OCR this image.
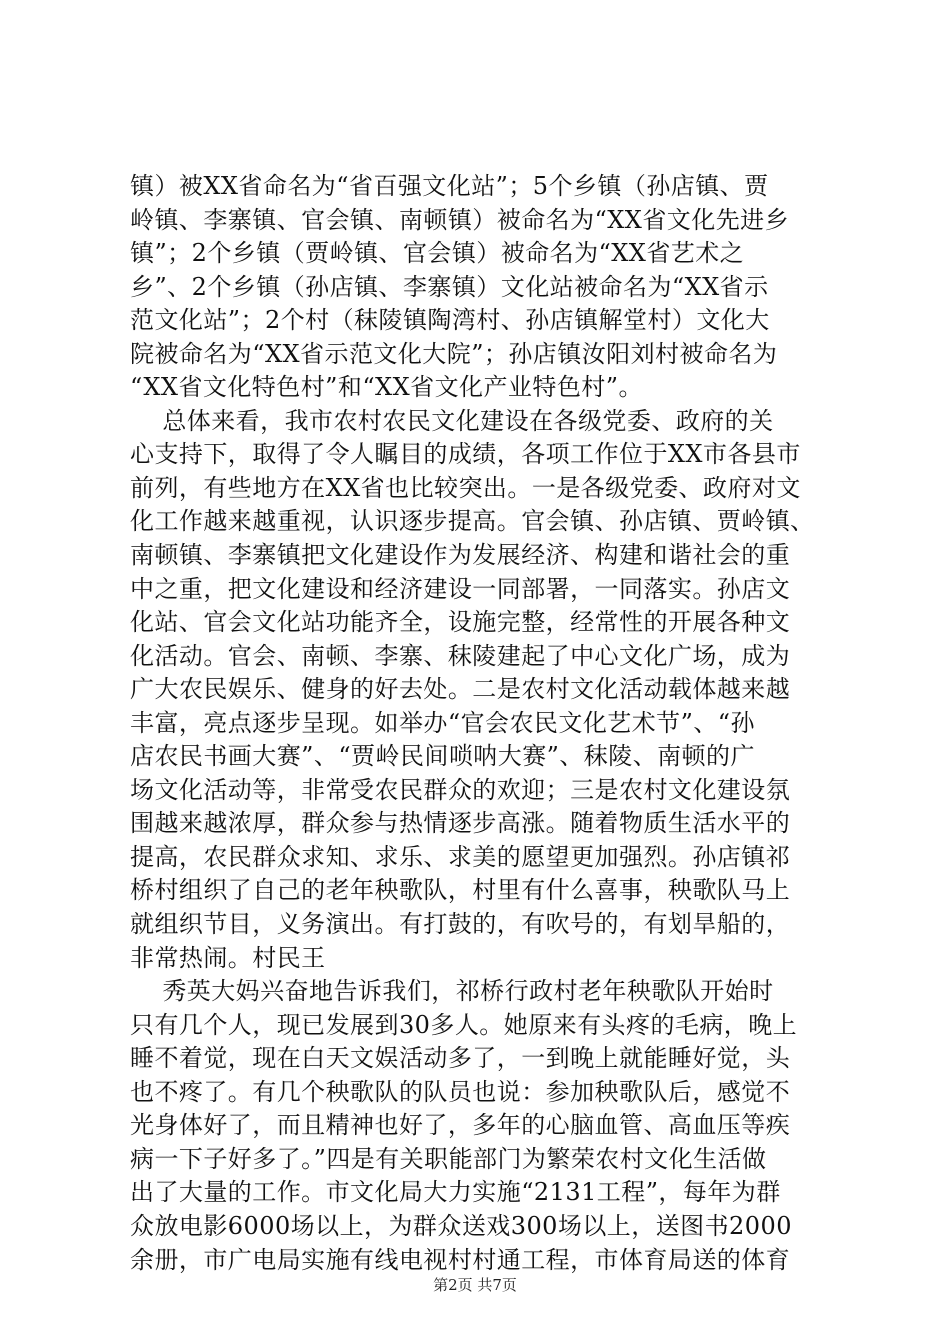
镇）被XX省命名为“省百强文化站”；5个乡镇（孙店镇、贾
岭镇、李寨镇、官会镇、南顿镇）被命名为“XX省文化先进乡
镇”；2个乡镇（贾岭镇、官会镇）被命名为“XX省艺术之
乡”、2个乡镇（孙店镇、李寨镇）文化站被命名为“XX省示
范文化站”；2个村（秣陵镇陶湾村、孙店镇解堂村）文化大
院被命名为“XX省示范文化大院”；孙店镇汝阳刘村被命名为
“XX省文化特色村”和“XX省文化产业特色村”。
总体来看，我市农村农民文化建设在各级党委、政府的关
心支持下，取得了令人瞩目的成绩，各项工作位于XX市各县市
前列，有些地方在XX省也比较突出。一是各级党委、政府对文
化工作越来越重视，认识逐步提高。官会镇、孙店镇、贾岭镇、
南顿镇、李寨镇把文化建设作为发展经济、构建和谐社会的重
中之重，把文化建设和经济建设一同部署，一同落实。孙店文
化站、官会文化站功能齐全，设施完整，经常性的开展各种文
化活动。官会、南顿、李寨、秣陵建起了中心文化广场，成为
广大农民娱乐、健身的好去处。二是农村文化活动载体越来越
丰富，亮点逐步呈现。如举办“官会农民文化艺术节”、“孙
店农民书画大赛”、“贾岭民间唢呐大赛”、秣陵、南顿的广
场文化活动等，非常受农民群众的欢迎；三是农村文化建设氛
围越来越浓厚，群众参与热情逐步高涨。随着物质生活水平的
提高，农民群众求知、求乐、求美的愿望更加强烈。孙店镇祁
桥村组织了自己的老年秧歌队，村里有什么喜事，秧歌队马上
就组织节目，义务演出。有打鼓的，有吹号的，有划旱船的，
非常热闹。村民王
秀英大妈兴奋地告诉我们，祁桥行政村老年秧歌队开始时
只有几个人，现已发展到30多人。她原来有头疼的毛病，晚上
睡不着觉，现在白天文娱活动多了，一到晚上就能睡好觉，头
也不疼了。有几个秧歌队的队员也说：参加秧歌队后，感觉不
光身体好了，而且精神也好了，多年的心脑血管、高血压等疾
病一下子好多了。”四是有关职能部门为繁荣农村文化生活做
出了大量的工作。市文化局大力实施“2131工程”，每年为群
众放电影6000场以上，为群众送戏300场以上，送图书2000
余册，市广电局实施有线电视村村通工程，市体育局送的体育
第2页 共7页
